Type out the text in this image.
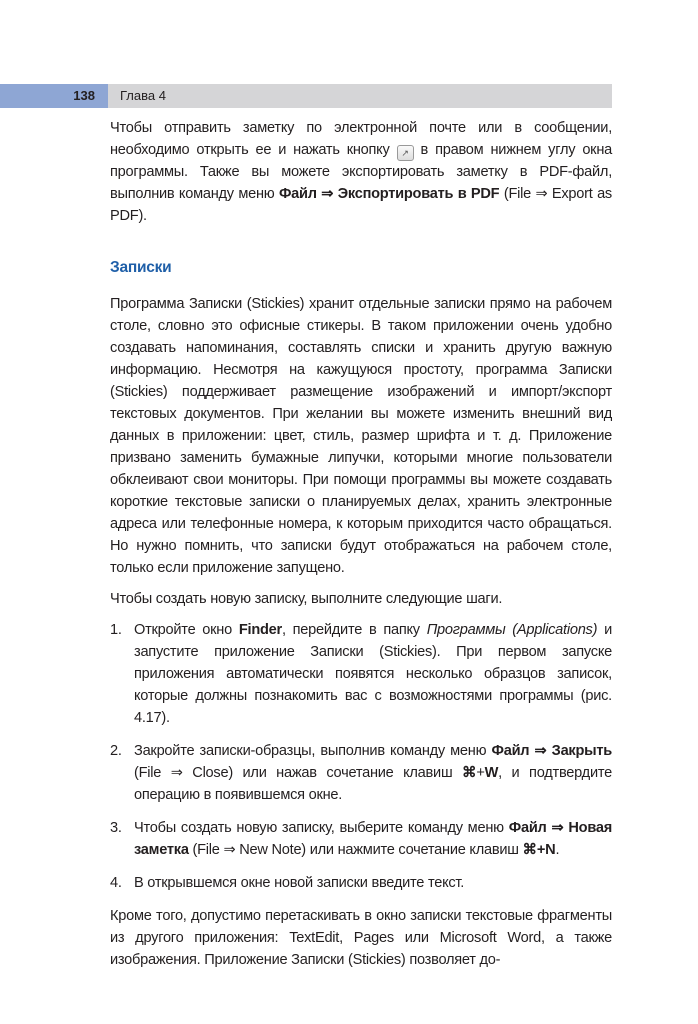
138	Глава 4

Чтобы отправить заметку по электронной почте или в сообщении, необходимо открыть ее и нажать кнопку ↗ в правом нижнем углу окна программы. Также вы можете экспортировать заметку в PDF-файл, выполнив команду меню Файл ⇒ Экспортировать в PDF (File ⇒ Export as PDF).

Записки

Программа Записки (Stickies) хранит отдельные записки прямо на рабочем столе, словно это офисные стикеры. В таком приложении очень удобно создавать напоминания, составлять списки и хранить другую важную информацию. Несмотря на кажущуюся простоту, программа Записки (Stickies) поддерживает размещение изображений и импорт/экспорт текстовых документов. При желании вы можете изменить внешний вид данных в приложении: цвет, стиль, размер шрифта и т. д. Приложение призвано заменить бумажные липучки, которыми многие пользователи обклеивают свои мониторы. При помощи программы вы можете создавать короткие текстовые записки о планируемых делах, хранить электронные адреса или телефонные номера, к которым приходится часто обращаться. Но нужно помнить, что записки будут отображаться на рабочем столе, только если приложение запущено.

Чтобы создать новую записку, выполните следующие шаги.

1. Откройте окно Finder, перейдите в папку Программы (Applications) и запустите приложение Записки (Stickies). При первом запуске приложения автоматически появятся несколько образцов записок, которые должны познакомить вас с возможностями программы (рис. 4.17).
2. Закройте записки-образцы, выполнив команду меню Файл ⇒ Закрыть (File ⇒ Close) или нажав сочетание клавиш ⌘+W, и подтвердите операцию в появившемся окне.
3. Чтобы создать новую записку, выберите команду меню Файл ⇒ Новая заметка (File ⇒ New Note) или нажмите сочетание клавиш ⌘+N.
4. В открывшемся окне новой записки введите текст.

Кроме того, допустимо перетаскивать в окно записки текстовые фрагменты из другого приложения: TextEdit, Pages или Microsoft Word, а также изображения. Приложение Записки (Stickies) позволяет до-
